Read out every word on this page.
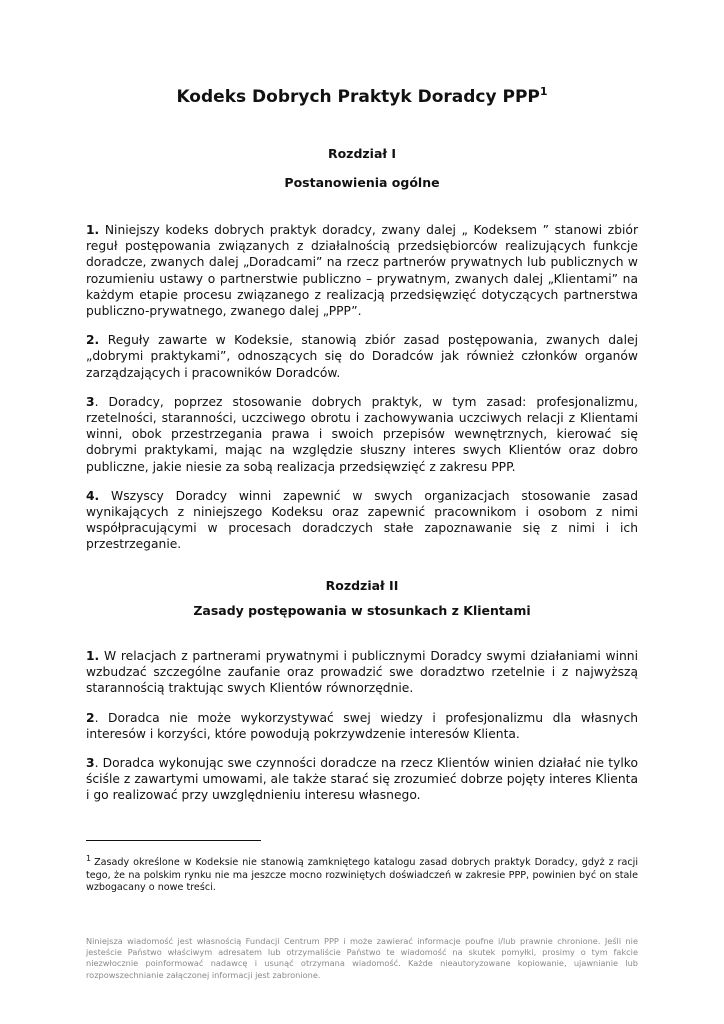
Kodeks Dobrych Praktyk Doradcy PPP$^1$
Rozdział I
Postanowienia ogólne

1. Niniejszy kodeks dobrych praktyk doradcy, zwany dalej „ Kodeksem ” stanowi zbiór reguł postępowania związanych z działalnością przedsiębiorców realizujących funkcje doradcze, zwanych dalej „Doradcami” na rzecz partnerów prywatnych lub publicznych w rozumieniu ustawy o partnerstwie publiczno – prywatnym, zwanych dalej „Klientami” na każdym etapie procesu związanego z realizacją przedsięwzięć dotyczących partnerstwa publiczno-prywatnego, zwanego dalej „PPP”.

2. Reguły zawarte w Kodeksie, stanowią zbiór zasad postępowania, zwanych dalej „dobrymi praktykami”, odnoszących się do Doradców jak również członków organów zarządzających i pracowników Doradców.

3. Doradcy, poprzez stosowanie dobrych praktyk, w tym zasad: profesjonalizmu, rzetelności, staranności, uczciwego obrotu i zachowywania uczciwych relacji z Klientami winni, obok przestrzegania prawa i swoich przepisów wewnętrznych, kierować się dobrymi praktykami, mając na względzie słuszny interes swych Klientów oraz dobro publiczne, jakie niesie za sobą realizacja przedsięwzięć z zakresu PPP.

4. Wszyscy Doradcy winni zapewnić w swych organizacjach stosowanie zasad wynikających z niniejszego Kodeksu oraz zapewnić pracownikom i osobom z nimi współpracującymi w procesach doradczych stałe zapoznawanie się z nimi i ich przestrzeganie.

Rozdział II
Zasady postępowania w stosunkach z Klientami

1. W relacjach z partnerami prywatnymi i publicznymi Doradcy swymi działaniami winni wzbudzać szczególne zaufanie oraz prowadzić swe doradztwo rzetelnie i z najwyższą starannością traktując swych Klientów równorzędnie.

2. Doradca nie może wykorzystywać swej wiedzy i profesjonalizmu dla własnych interesów i korzyści, które powodują pokrzywdzenie interesów Klienta.

3. Doradca wykonując swe czynności doradcze na rzecz Klientów winien działać nie tylko ściśle z zawartymi umowami, ale także starać się zrozumieć dobrze pojęty interes Klienta i go realizować przy uwzględnieniu interesu własnego.

$^1$ Zasady określone w Kodeksie nie stanowią zamkniętego katalogu zasad dobrych praktyk Doradcy, gdyż z racji tego, że na polskim rynku nie ma jeszcze mocno rozwiniętych doświadczeń w zakresie PPP, powinien być on stale wzbogacany o nowe treści.
Niniejsza wiadomość jest własnością Fundacji Centrum PPP i może zawierać informacje poufne i/lub prawnie chronione. Jeśli nie jesteście Państwo właściwym adresatem lub otrzymaliście Państwo te wiadomość na skutek pomyłki, prosimy o tym fakcie niezwłocznie poinformować nadawcę i usunąć otrzymana wiadomość. Każde nieautoryzowane kopiowanie, ujawnianie lub rozpowszechnianie załączonej informacji jest zabronione.
